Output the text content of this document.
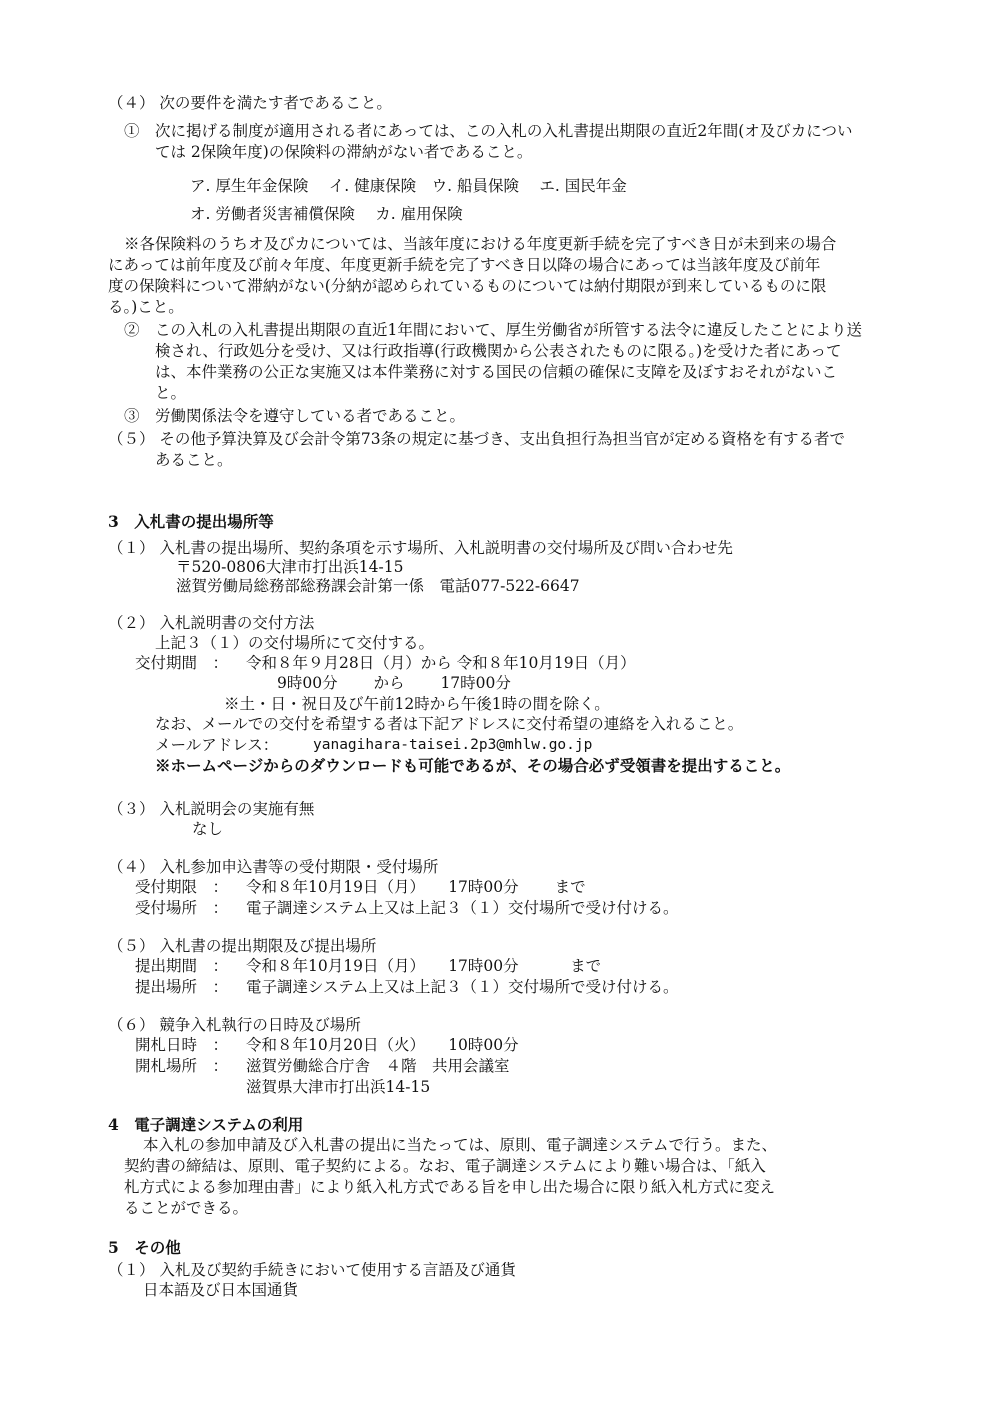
（４） 次の要件を満たす者であること。
①　次に掲げる制度が適用される者にあっては、この入札の入札書提出期限の直近2年間(オ及びカについ
ては 2保険年度)の保険料の滞納がない者であること。
ア. 厚生年金保険　 イ. 健康保険　ウ. 船員保険　 エ. 国民年金
オ. 労働者災害補償保険　 カ. 雇用保険
※各保険料のうちオ及びカについては、当該年度における年度更新手続を完了すべき日が未到来の場合
にあっては前年度及び前々年度、年度更新手続を完了すべき日以降の場合にあっては当該年度及び前年
度の保険料について滞納がない(分納が認められているものについては納付期限が到来しているものに限
る。)こと。
②　この入札の入札書提出期限の直近1年間において、厚生労働省が所管する法令に違反したことにより送
検され、行政処分を受け、又は行政指導(行政機関から公表されたものに限る。)を受けた者にあって
は、本件業務の公正な実施又は本件業務に対する国民の信頼の確保に支障を及ぼすおそれがないこ
と。
③　労働関係法令を遵守している者であること。
（５） その他予算決算及び会計令第73条の規定に基づき、支出負担行為担当官が定める資格を有する者で
あること。
3　入札書の提出場所等
（１） 入札書の提出場所、契約条項を示す場所、入札説明書の交付場所及び問い合わせ先
〒520-0806大津市打出浜14-15
滋賀労働局総務部総務課会計第一係　電話077-522-6647
（２） 入札説明書の交付方法
上記３（１）の交付場所にて交付する。
交付期間　： 令和８年９月28日（月）から 令和８年10月19日（月）
9時00分　　 から　　 17時00分
※土・日・祝日及び午前12時から午後1時の間を除く。
なお、メールでの交付を希望する者は下記アドレスに交付希望の連絡を入れること。
メールアドレス： yanagihara-taisei.2p3@mhlw.go.jp
※ホームページからのダウンロードも可能であるが、その場合必ず受領書を提出すること。
（３） 入札説明会の実施有無
なし
（４） 入札参加申込書等の受付期限・受付場所
受付期限　： 令和８年10月19日（月）　　17時00分　　 まで
受付場所　： 電子調達システム上又は上記３（１）交付場所で受け付ける。
（５） 入札書の提出期限及び提出場所
提出期間　： 令和８年10月19日（月）　　17時00分　　　 まで
提出場所　： 電子調達システム上又は上記３（１）交付場所で受け付ける。
（６） 競争入札執行の日時及び場所
開札日時　： 令和８年10月20日（火）　　10時00分
開札場所　： 滋賀労働総合庁舎　４階　共用会議室
滋賀県大津市打出浜14-15
4　電子調達システムの利用
本入札の参加申請及び入札書の提出に当たっては、原則、電子調達システムで行う。また、
契約書の締結は、原則、電子契約による。なお、電子調達システムにより難い場合は、「紙入
札方式による参加理由書」により紙入札方式である旨を申し出た場合に限り紙入札方式に変え
ることができる。
5　その他
（１） 入札及び契約手続きにおいて使用する言語及び通貨
日本語及び日本国通貨
